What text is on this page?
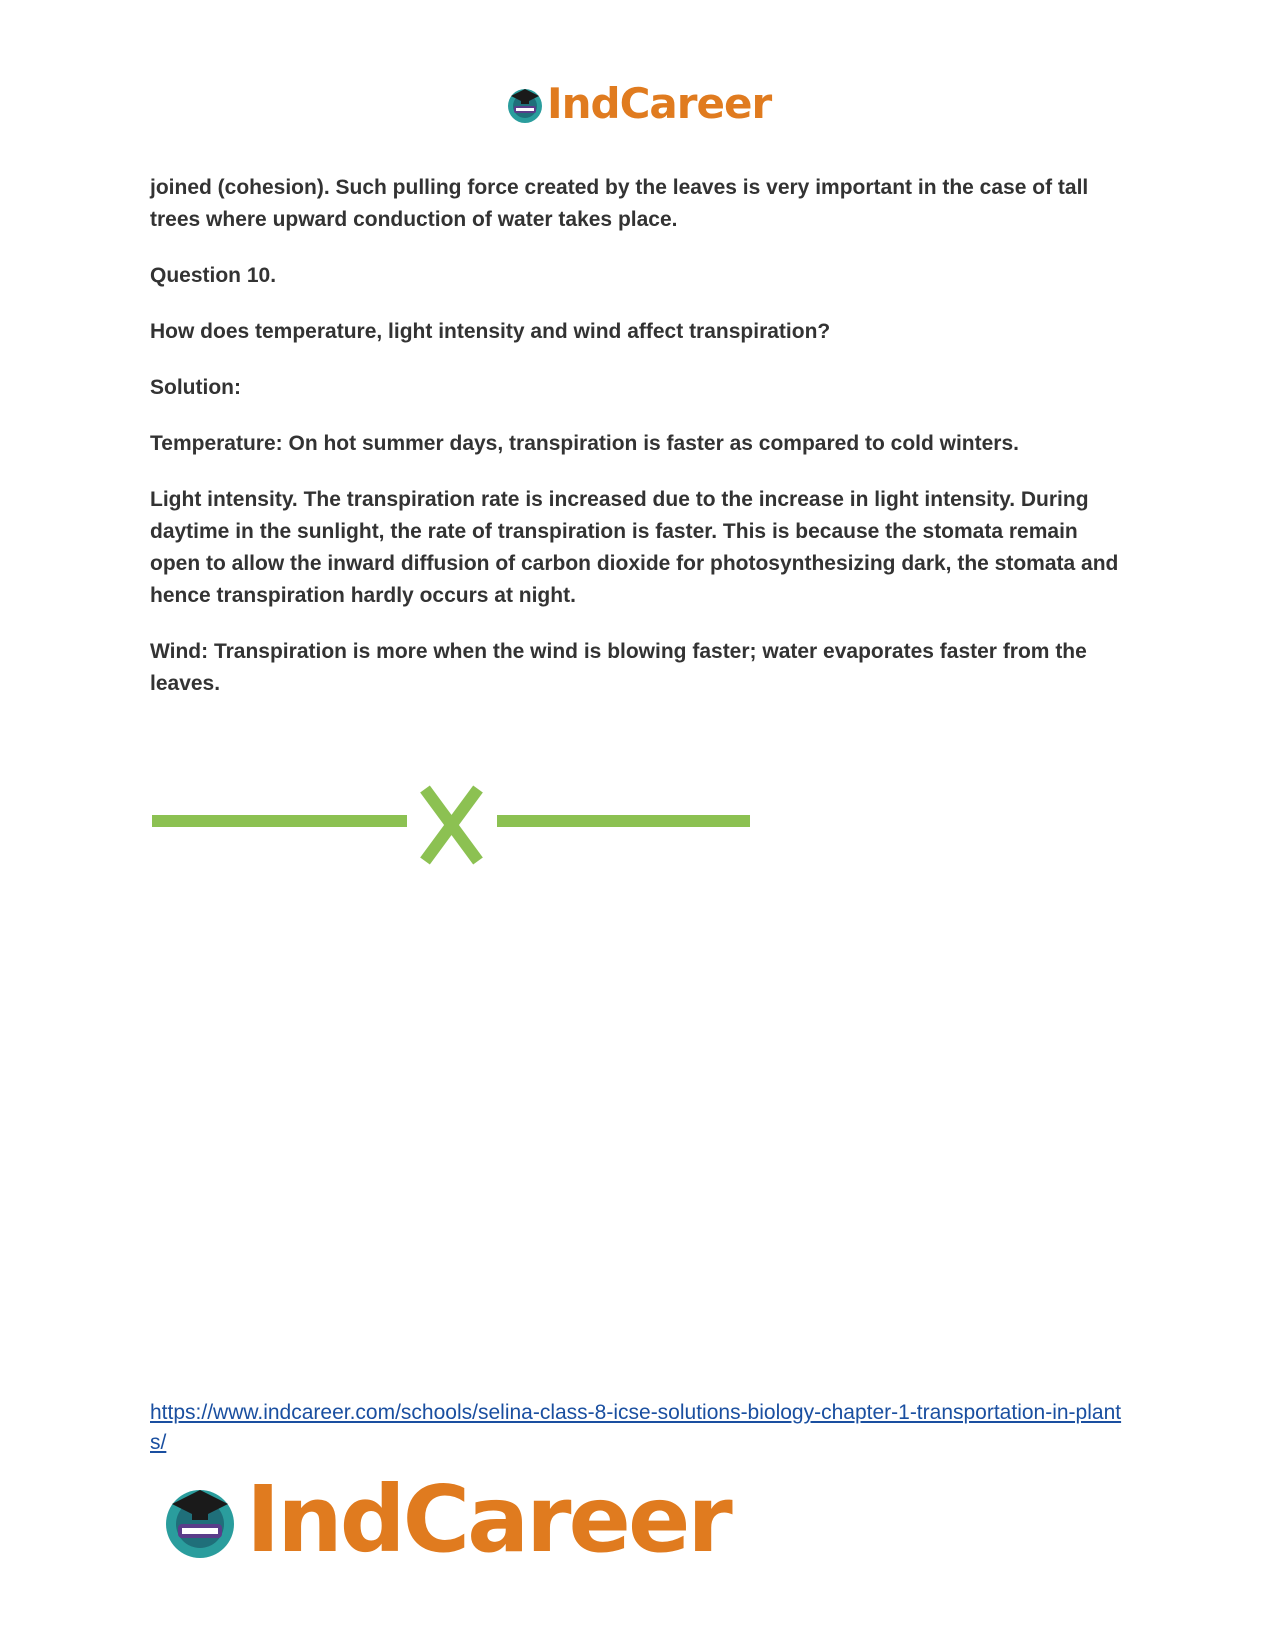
IndCareer

joined (cohesion). Such pulling force created by the leaves is very important in the case of tall trees where upward conduction of water takes place.

Question 10.

How does temperature, light intensity and wind affect transpiration?

Solution:

Temperature: On hot summer days, transpiration is faster as compared to cold winters.

Light intensity. The transpiration rate is increased due to the increase in light intensity. During daytime in the sunlight, the rate of transpiration is faster. This is because the stomata remain open to allow the inward diffusion of carbon dioxide for photosynthesizing dark, the stomata and hence transpiration hardly occurs at night.

Wind: Transpiration is more when the wind is blowing faster; water evaporates faster from the leaves.

https://www.indcareer.com/schools/selina-class-8-icse-solutions-biology-chapter-1-transportation-in-plants/
IndCareer
